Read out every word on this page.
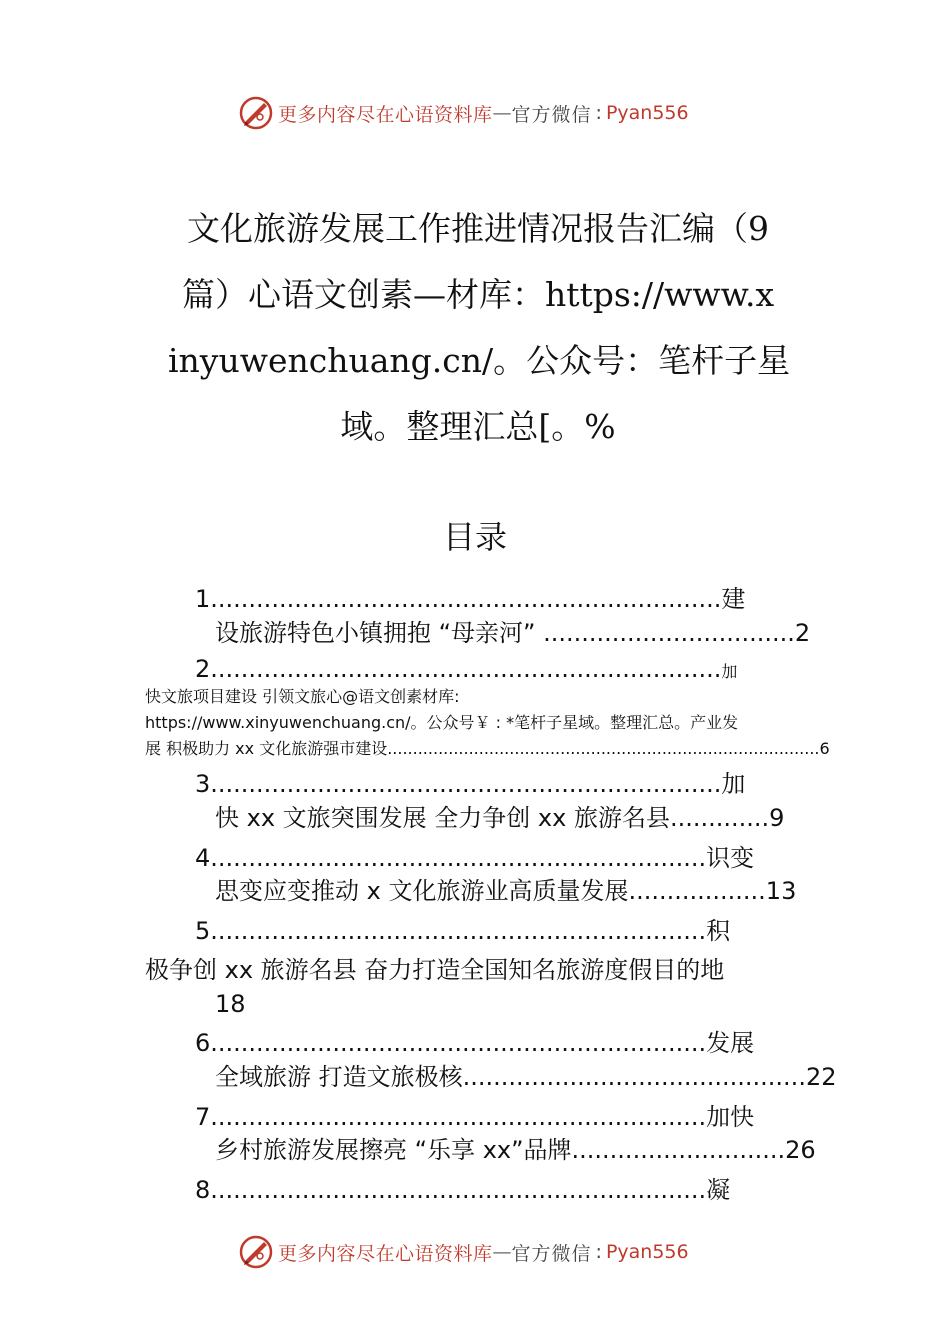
更多内容尽在心语资料库 — 官方微信 : Pyan556
文化旅游发展工作推进情况报告汇编（9
篇）心语文创素—材库：https://www.x
inyuwenchuang.cn/。公众号：笔杆子星
域。整理汇总[。%
目录
1...................................................................建
设旅游特色小镇拥抱 “母亲河” .................................2
2...................................................................加
快文旅项目建设 引领文旅心@语文创素材库:
https://www.xinyuwenchuang.cn/。公众号￥ : *笔杆子星域。整理汇总。产业发
展 积极助力 xx 文化旅游强市建设.....................................................................................6
3...................................................................加
快 xx 文旅突围发展 全力争创 xx 旅游名县.............9
4.................................................................识变
思变应变推动 x 文化旅游业高质量发展..................13
5.................................................................积
极争创 xx 旅游名县 奋力打造全国知名旅游度假目的地
18
6.................................................................发展
全域旅游 打造文旅极核.............................................22
7.................................................................加快
乡村旅游发展擦亮 “乐享 xx”品牌............................26
8.................................................................凝
更多内容尽在心语资料库 — 官方微信 : Pyan556
